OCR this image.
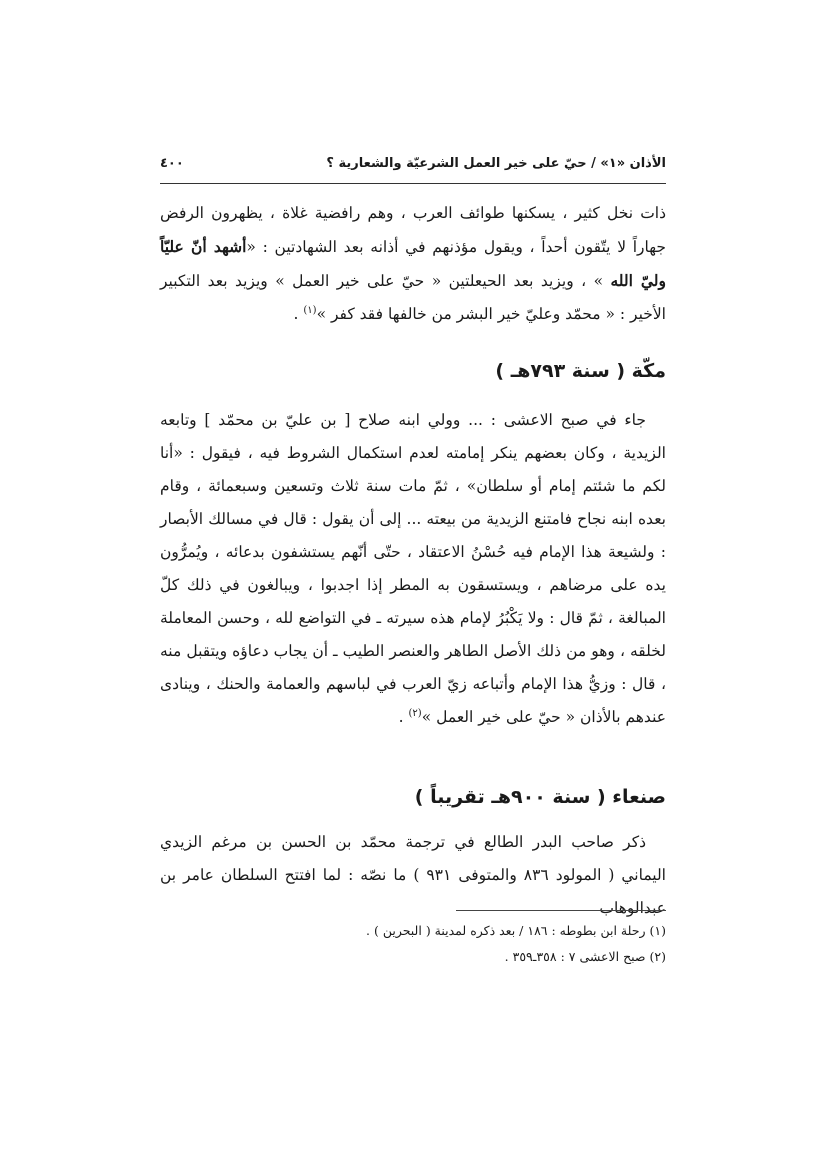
الأذان «١» / حيّ على خير العمل الشرعيّة والشعارية ؟
٤٠٠

ذات نخل كثير ، يسكنها طوائف العرب ، وهم رافضية غلاة ، يظهرون الرفض جهاراً لا يتّقون أحداً ، ويقول مؤذنهم في أذانه بعد الشهادتين : «أشهد أنّ عليّاً وليّ الله » ، ويزيد بعد الحيعلتين « حيّ على خير العمل » ويزيد بعد التكبير الأخير : « محمّد وعليّ خير البشر من خالفها فقد كفر »$^{(١)}$ .

مكّة ( سنة ٧٩٣هـ )

جاء في صبح الاعشى : ... وولي ابنه صلاح [ بن عليّ بن محمّد ] وتابعه الزيدية ، وكان بعضهم ينكر إمامته لعدم استكمال الشروط فيه ، فيقول : «أنا لكم ما شئتم إمام أو سلطان» ، ثمّ مات سنة ثلاث وتسعين وسبعمائة ، وقام بعده ابنه نجاح فامتنع الزيدية من بيعته ... إلى أن يقول : قال في مسالك الأبصار : ولشيعة هذا الإمام فيه حُسْنُ الاعتقاد ، حتّى أنّهم يستشفون بدعائه ، ويُمرُّون يده على مرضاهم ، ويستسقون به المطر إذا اجدبوا ، ويبالغون في ذلك كلّ المبالغة ، ثمّ قال : ولا يَكْبُرُ لإمام هذه سيرته ـ في التواضع لله ، وحسن المعاملة لخلقه ، وهو من ذلك الأصل الطاهر والعنصر الطيب ـ أن يجاب دعاؤه ويتقبل منه ، قال : وزيُّ هذا الإمام وأتباعه زيّ العرب في لباسهم والعمامة والحنك ، وينادى عندهم بالأذان « حيّ على خير العمل »$^{(٢)}$ .

صنعاء ( سنة ٩٠٠هـ تقريباً )

ذكر صاحب البدر الطالع في ترجمة محمّد بن الحسن بن مرغم الزيدي اليماني ( المولود ٨٣٦ والمتوفى ٩٣١ ) ما نصّه : لما افتتح السلطان عامر بن عبدالوهاب

(١) رحلة ابن بطوطه : ١٨٦ / بعد ذكره لمدينة ( البحرين ) .
(٢) صبح الاعشى ٧ : ٣٥٨ـ٣٥٩ .
